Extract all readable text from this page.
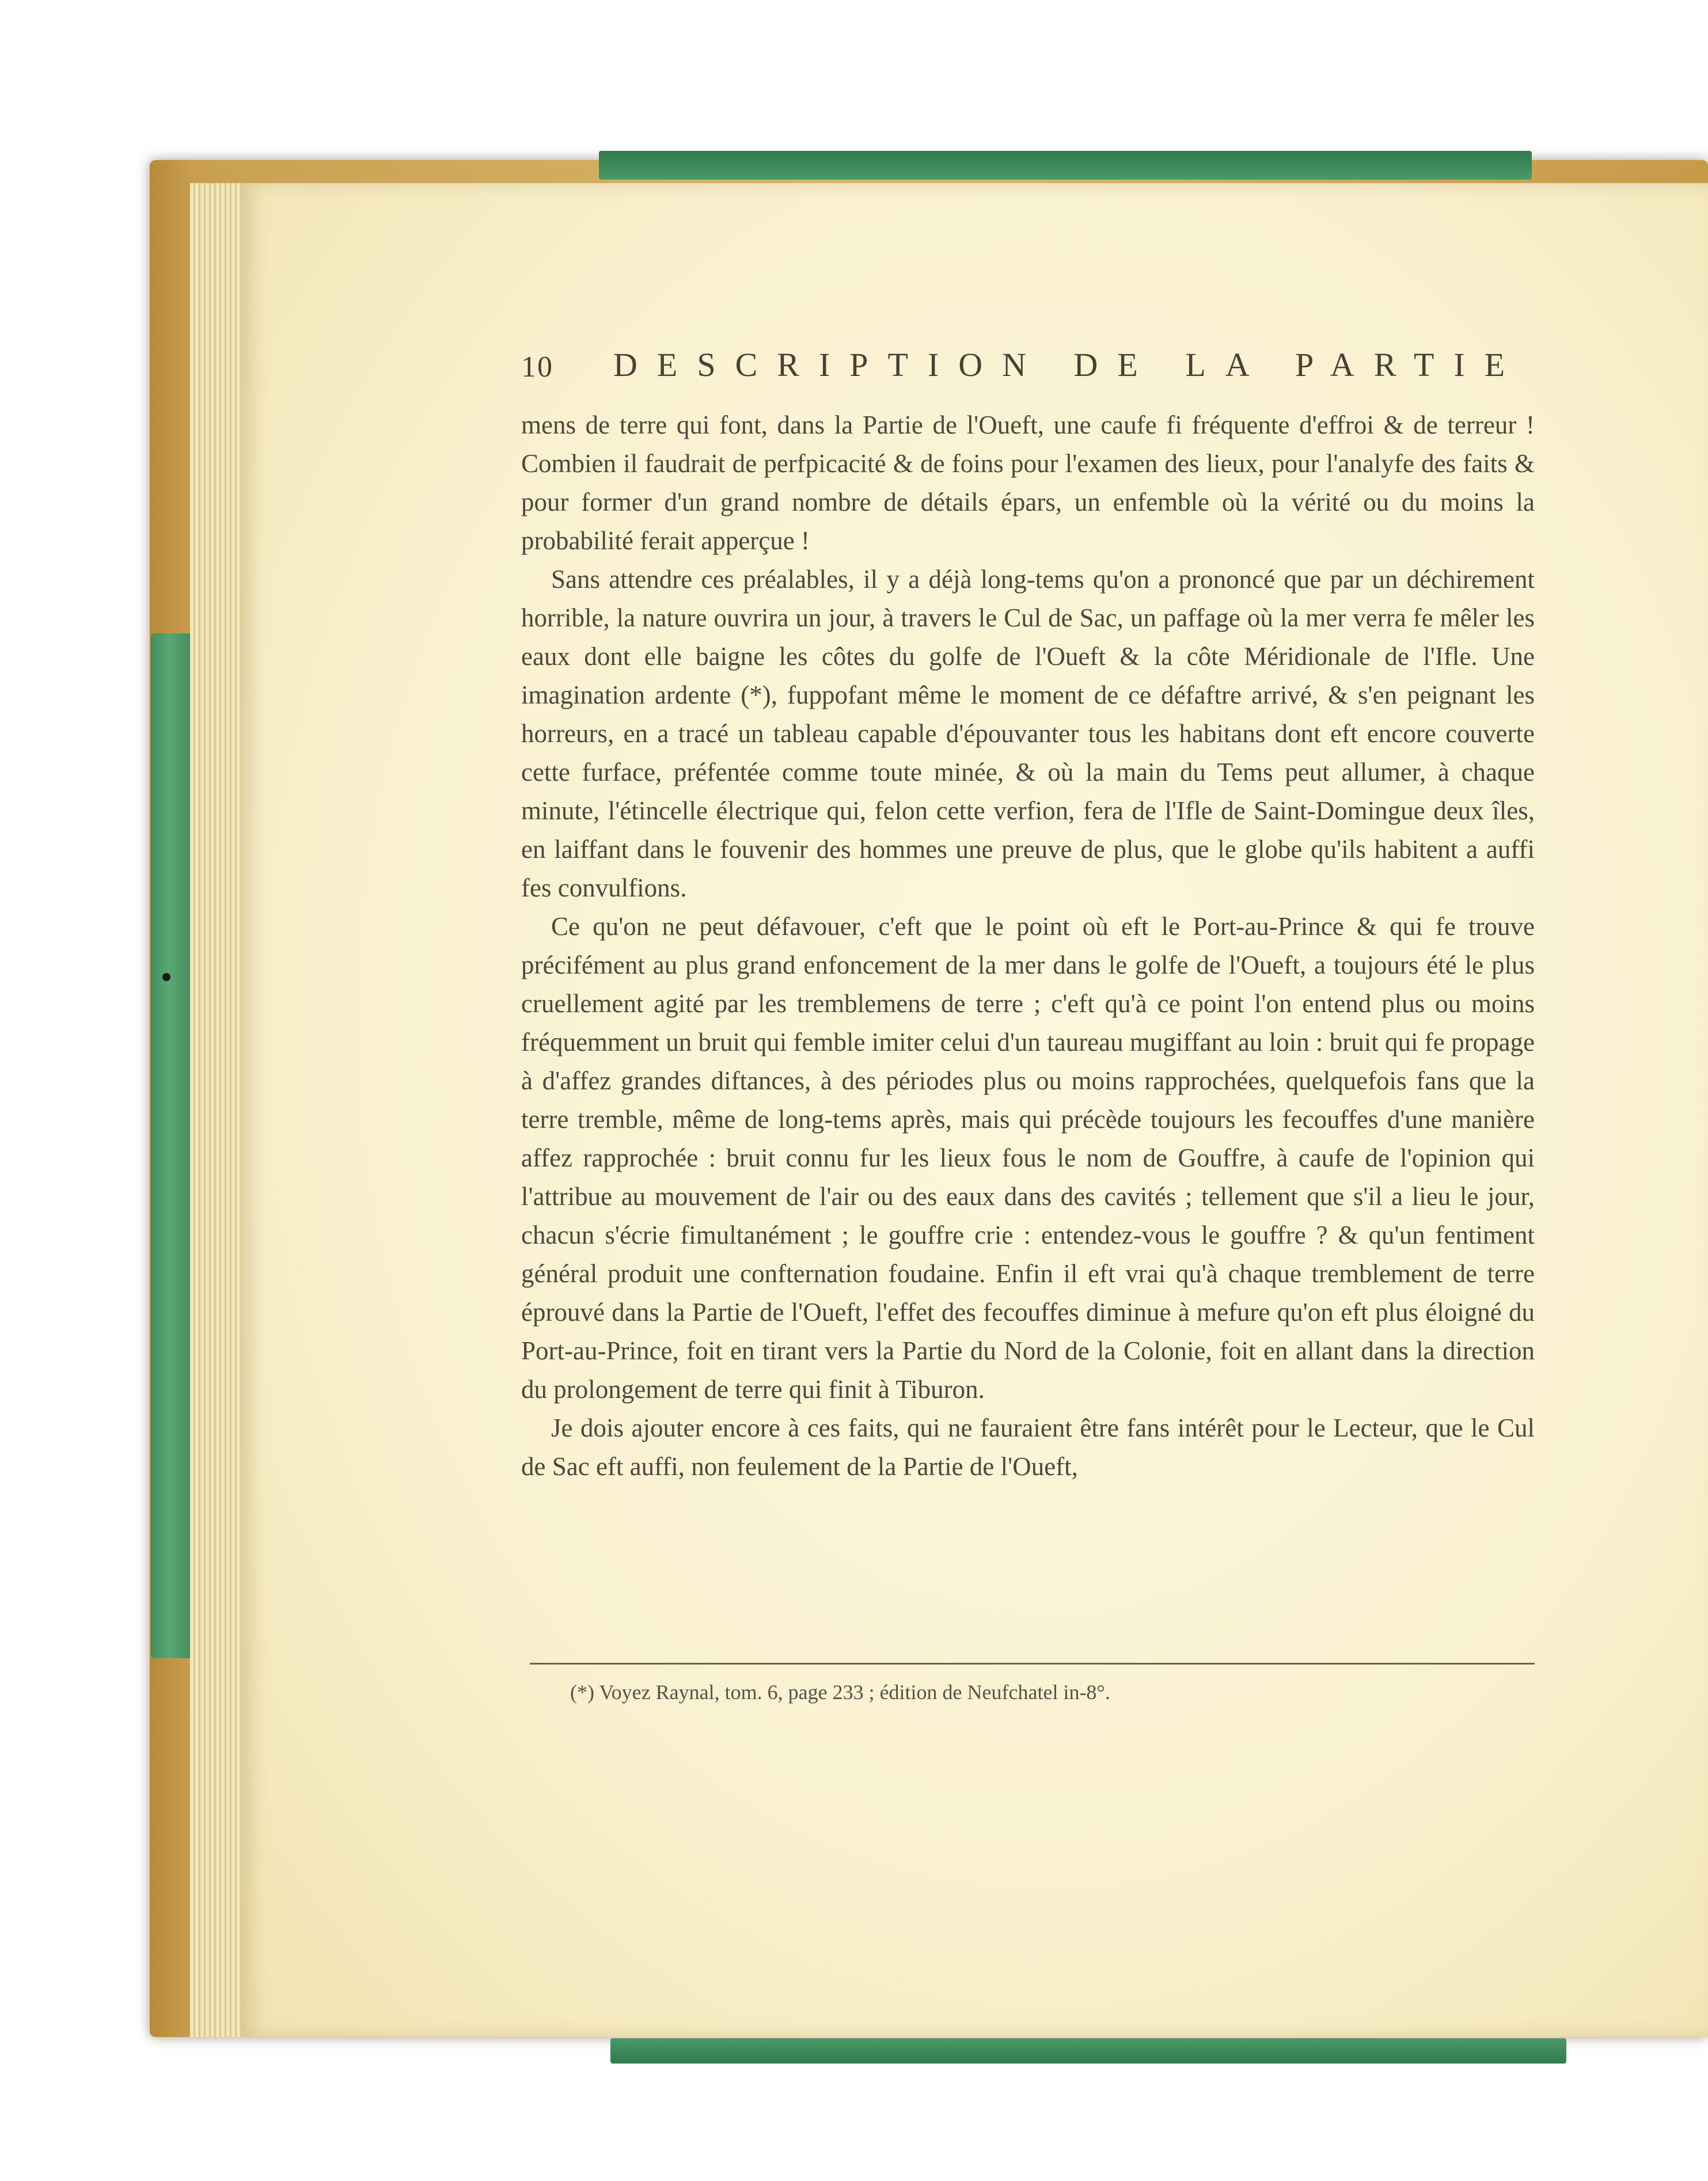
10 DESCRIPTION DE LA PARTIE

mens de terre qui font, dans la Partie de l'Oueft, une caufe fi fréquente d'effroi & de terreur ! Combien il faudrait de perfpicacité & de foins pour l'examen des lieux, pour l'analyfe des faits & pour former d'un grand nombre de détails épars, un enfemble où la vérité ou du moins la probabilité ferait apperçue !

Sans attendre ces préalables, il y a déjà long-tems qu'on a prononcé que par un déchirement horrible, la nature ouvrira un jour, à travers le Cul de Sac, un paffage où la mer verra fe mêler les eaux dont elle baigne les côtes du golfe de l'Oueft & la côte Méridionale de l'Ifle. Une imagination ardente (*), fuppofant même le moment de ce défaftre arrivé, & s'en peignant les horreurs, en a tracé un tableau capable d'épouvanter tous les habitans dont eft encore couverte cette furface, préfentée comme toute minée, & où la main du Tems peut allumer, à chaque minute, l'étincelle électrique qui, felon cette verfion, fera de l'Ifle de Saint-Domingue deux îles, en laiffant dans le fouvenir des hommes une preuve de plus, que le globe qu'ils habitent a auffi fes convulfions.

Ce qu'on ne peut défavouer, c'eft que le point où eft le Port-au-Prince & qui fe trouve précifément au plus grand enfoncement de la mer dans le golfe de l'Oueft, a toujours été le plus cruellement agité par les tremblemens de terre ; c'eft qu'à ce point l'on entend plus ou moins fréquemment un bruit qui femble imiter celui d'un taureau mugiffant au loin : bruit qui fe propage à d'affez grandes diftances, à des périodes plus ou moins rapprochées, quelquefois fans que la terre tremble, même de long-tems après, mais qui précède toujours les fecouffes d'une manière affez rapprochée : bruit connu fur les lieux fous le nom de Gouffre, à caufe de l'opinion qui l'attribue au mouvement de l'air ou des eaux dans des cavités ; tellement que s'il a lieu le jour, chacun s'écrie fimultanément ; le gouffre crie : entendez-vous le gouffre ? & qu'un fentiment général produit une confternation foudaine. Enfin il eft vrai qu'à chaque tremblement de terre éprouvé dans la Partie de l'Oueft, l'effet des fecouffes diminue à mefure qu'on eft plus éloigné du Port-au-Prince, foit en tirant vers la Partie du Nord de la Colonie, foit en allant dans la direction du prolongement de terre qui finit à Tiburon.

Je dois ajouter encore à ces faits, qui ne fauraient être fans intérêt pour le Lecteur, que le Cul de Sac eft auffi, non feulement de la Partie de l'Oueft,

(*) Voyez Raynal, tom. 6, page 233 ; édition de Neufchatel in-8°.
